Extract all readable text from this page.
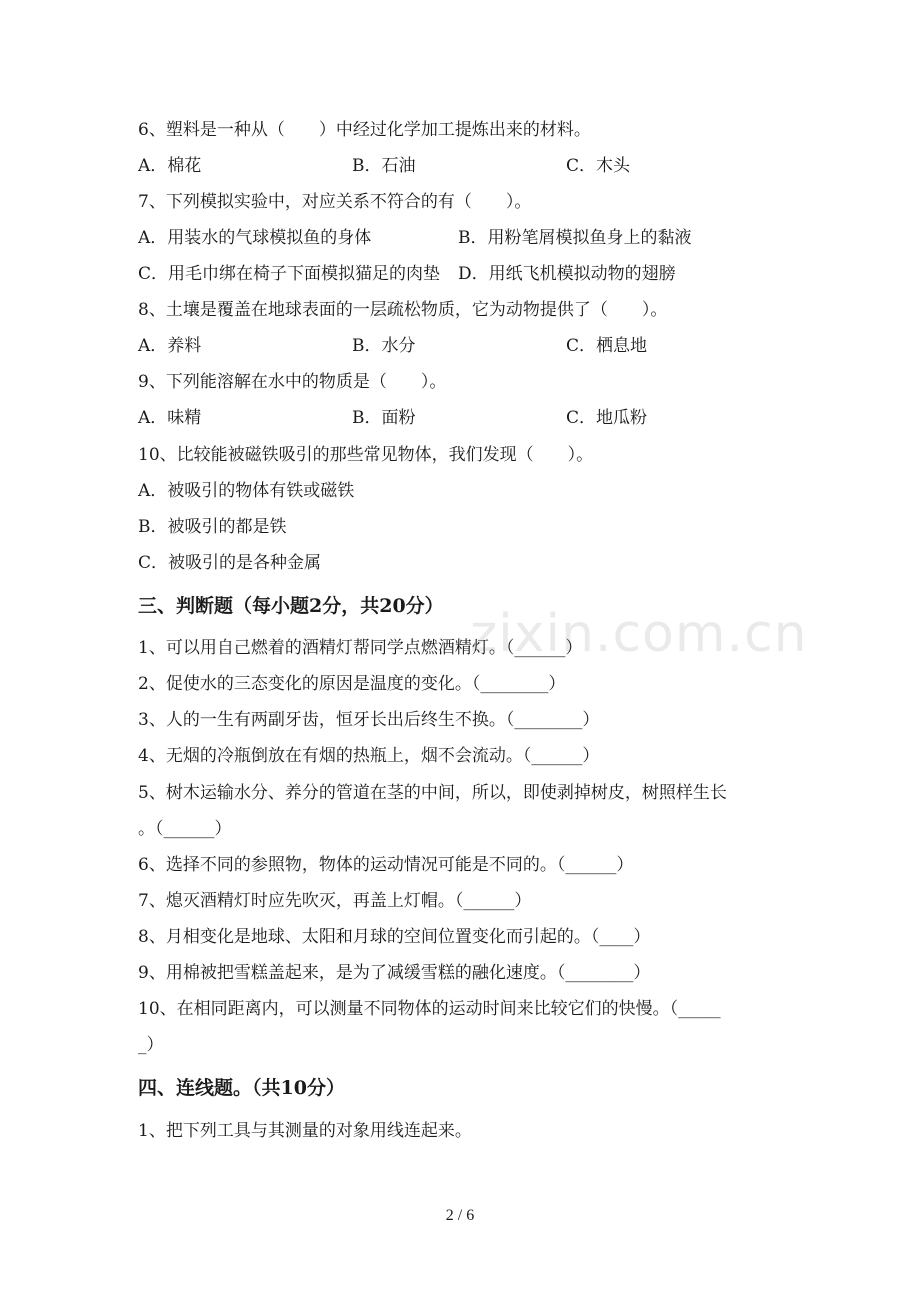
zixin.com.cn
6、塑料是一种从（　　）中经过化学加工提炼出来的材料。
A．棉花	B．石油	C．木头
7、下列模拟实验中，对应关系不符合的有（　　）。
A．用装水的气球模拟鱼的身体	B．用粉笔屑模拟鱼身上的黏液
C．用毛巾绑在椅子下面模拟猫足的肉垫 D．用纸飞机模拟动物的翅膀
8、土壤是覆盖在地球表面的一层疏松物质，它为动物提供了（　　）。
A．养料	B．水分	C．栖息地
9、下列能溶解在水中的物质是（　　）。
A．味精	B．面粉	C．地瓜粉
10、比较能被磁铁吸引的那些常见物体，我们发现（　　）。
A．被吸引的物体有铁或磁铁
B．被吸引的都是铁
C．被吸引的是各种金属
三、判断题（每小题2分，共20分）
1、可以用自己燃着的酒精灯帮同学点燃酒精灯。（______）
2、促使水的三态变化的原因是温度的变化。（________）
3、人的一生有两副牙齿，恒牙长出后终生不换。（________）
4、无烟的冷瓶倒放在有烟的热瓶上，烟不会流动。（______）
5、树木运输水分、养分的管道在茎的中间，所以，即使剥掉树皮，树照样生长
。（______）
6、选择不同的参照物，物体的运动情况可能是不同的。（______）
7、熄灭酒精灯时应先吹灭，再盖上灯帽。（______）
8、月相变化是地球、太阳和月球的空间位置变化而引起的。（____）
9、用棉被把雪糕盖起来，是为了减缓雪糕的融化速度。（________）
10、在相同距离内，可以测量不同物体的运动时间来比较它们的快慢。（_____
_）
四、连线题。（共10分）
1、把下列工具与其测量的对象用线连起来。
2 / 6
